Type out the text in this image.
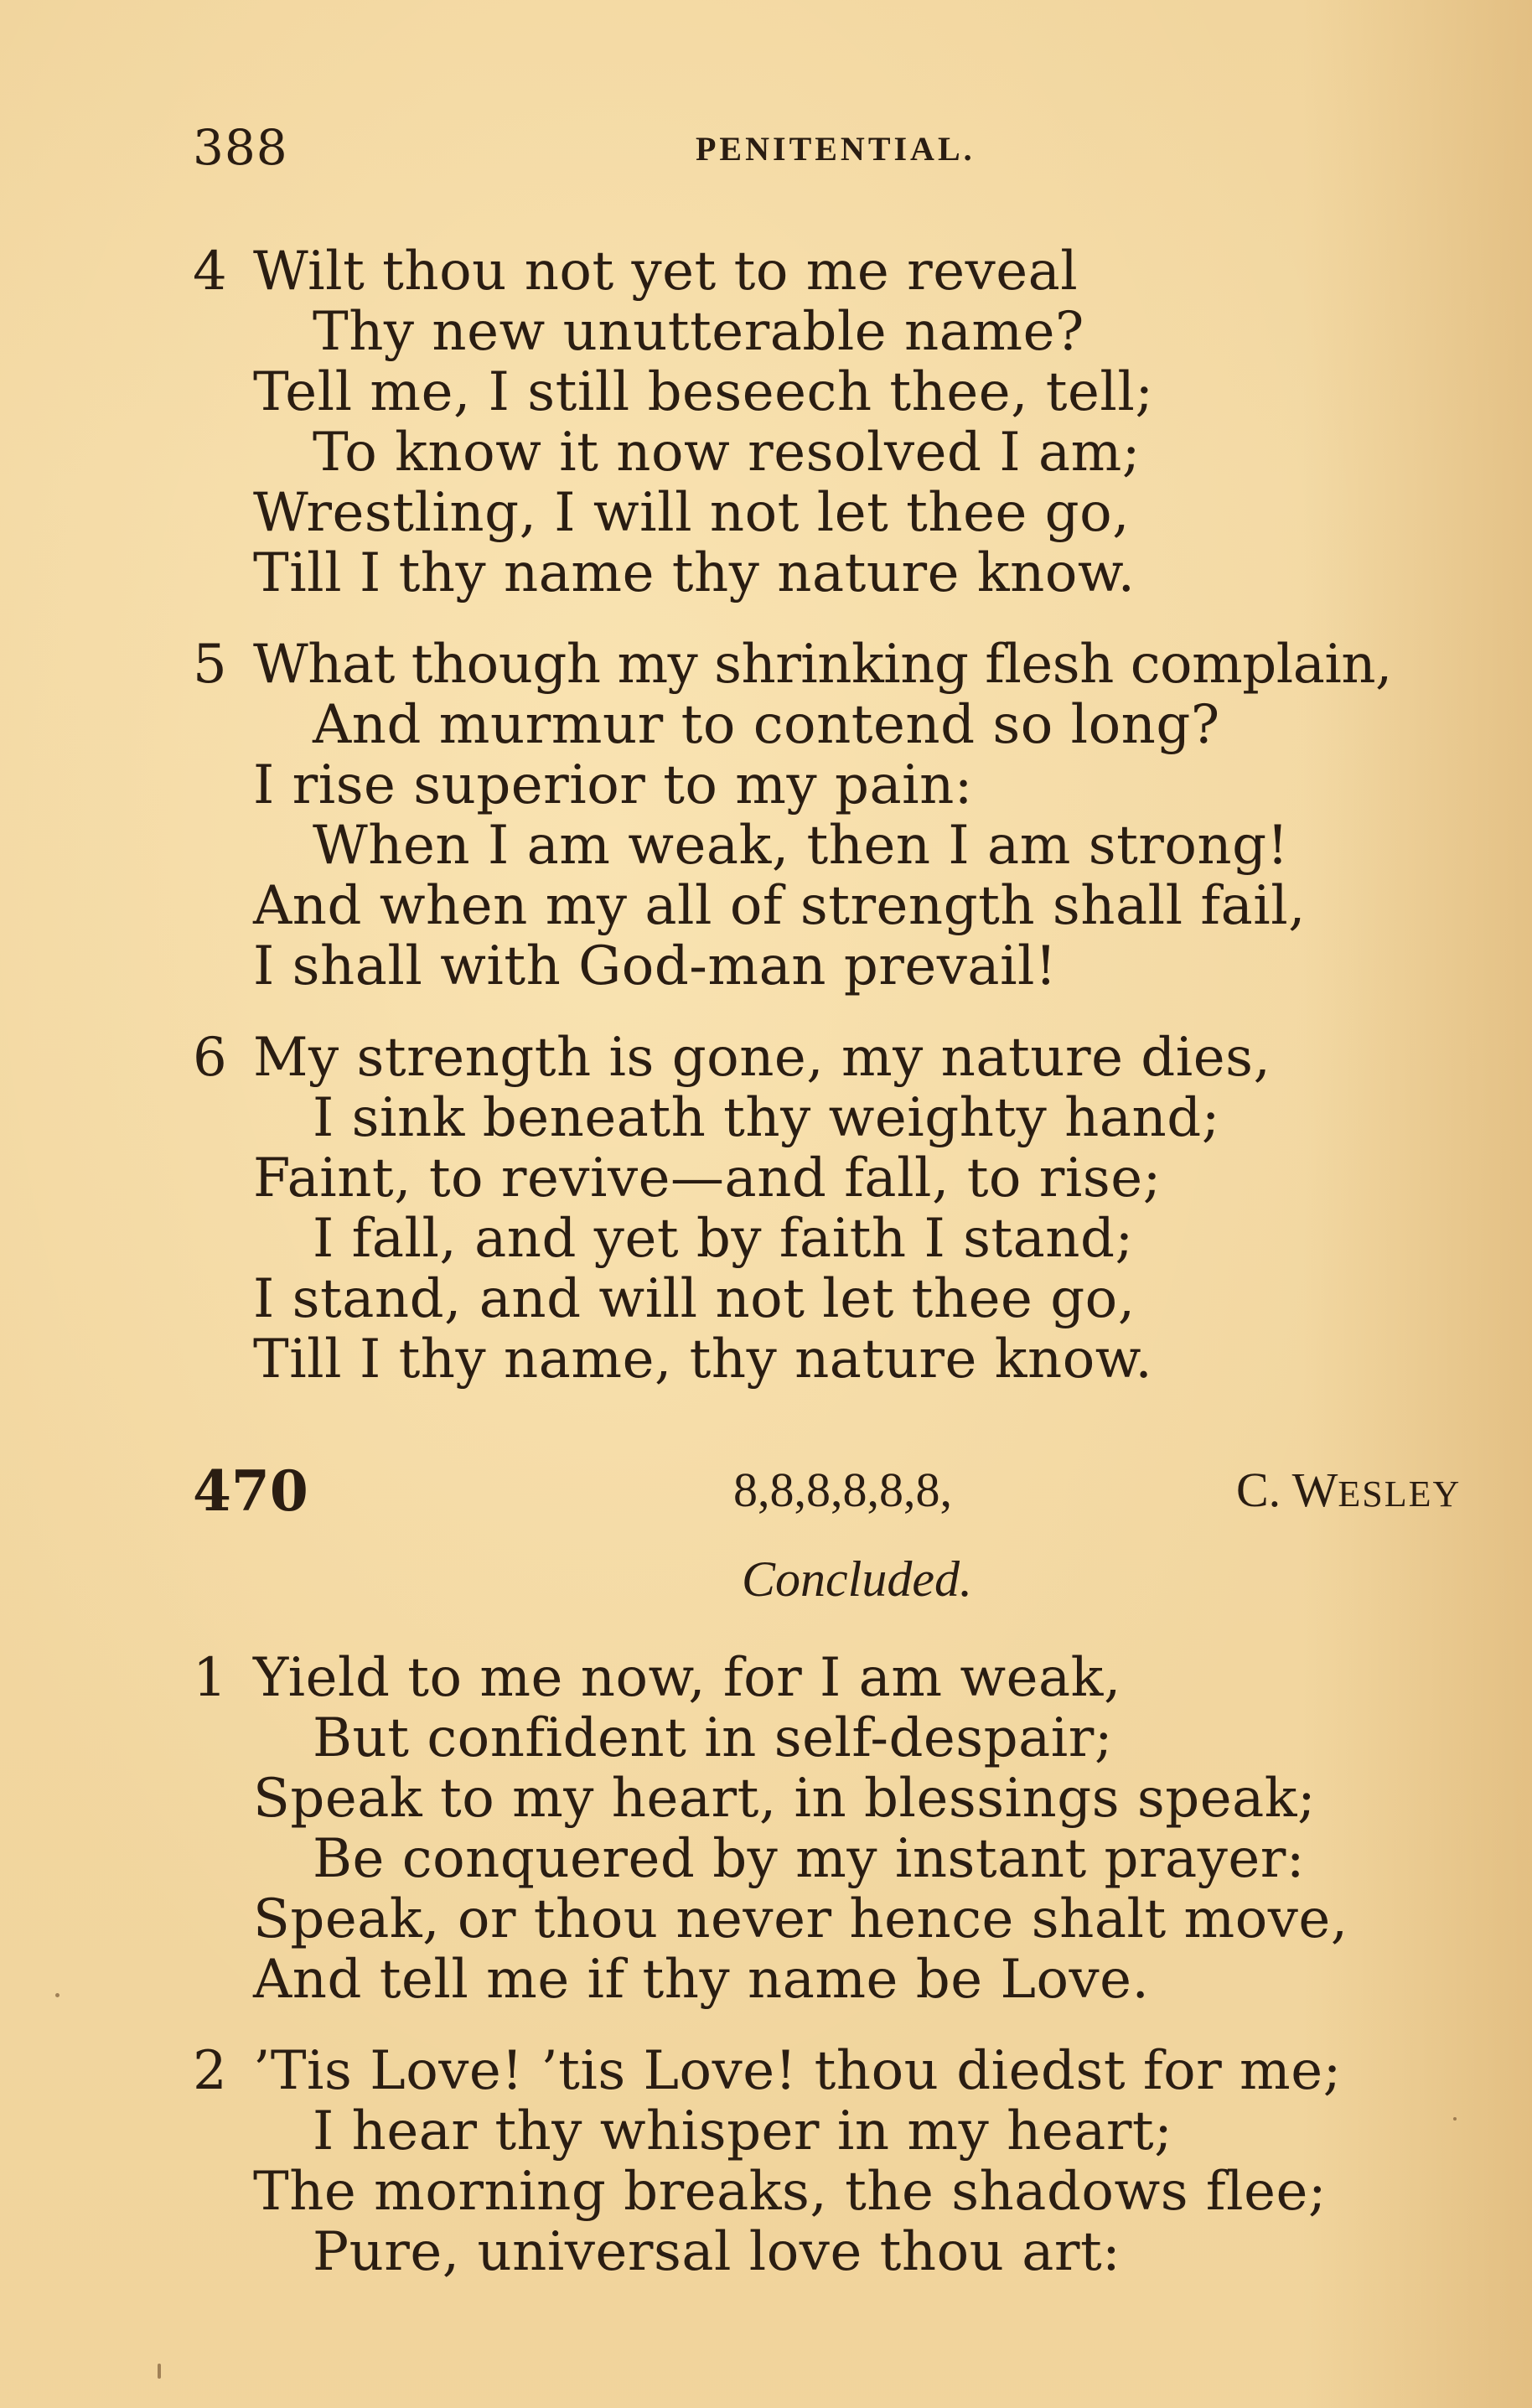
388	PENITENTIAL.
4 Wilt thou not yet to me reveal
Thy new unutterable name?
Tell me, I still beseech thee, tell;
To know it now resolved I am;
Wrestling, I will not let thee go,
Till I thy name thy nature know.
5 What though my shrinking flesh complain,
And murmur to contend so long?
I rise superior to my pain:
When I am weak, then I am strong!
And when my all of strength shall fail,
I shall with God-man prevail!
6 My strength is gone, my nature dies,
I sink beneath thy weighty hand;
Faint, to revive—and fall, to rise;
I fall, and yet by faith I stand;
I stand, and will not let thee go,
Till I thy name, thy nature know.
470	8,8,8,8,8,8,	C. WESLEY
Concluded.
1 Yield to me now, for I am weak,
But confident in self-despair;
Speak to my heart, in blessings speak;
Be conquered by my instant prayer:
Speak, or thou never hence shalt move,
And tell me if thy name be Love.
2 ’Tis Love! ’tis Love! thou diedst for me;
I hear thy whisper in my heart;
The morning breaks, the shadows flee;
Pure, universal love thou art:
